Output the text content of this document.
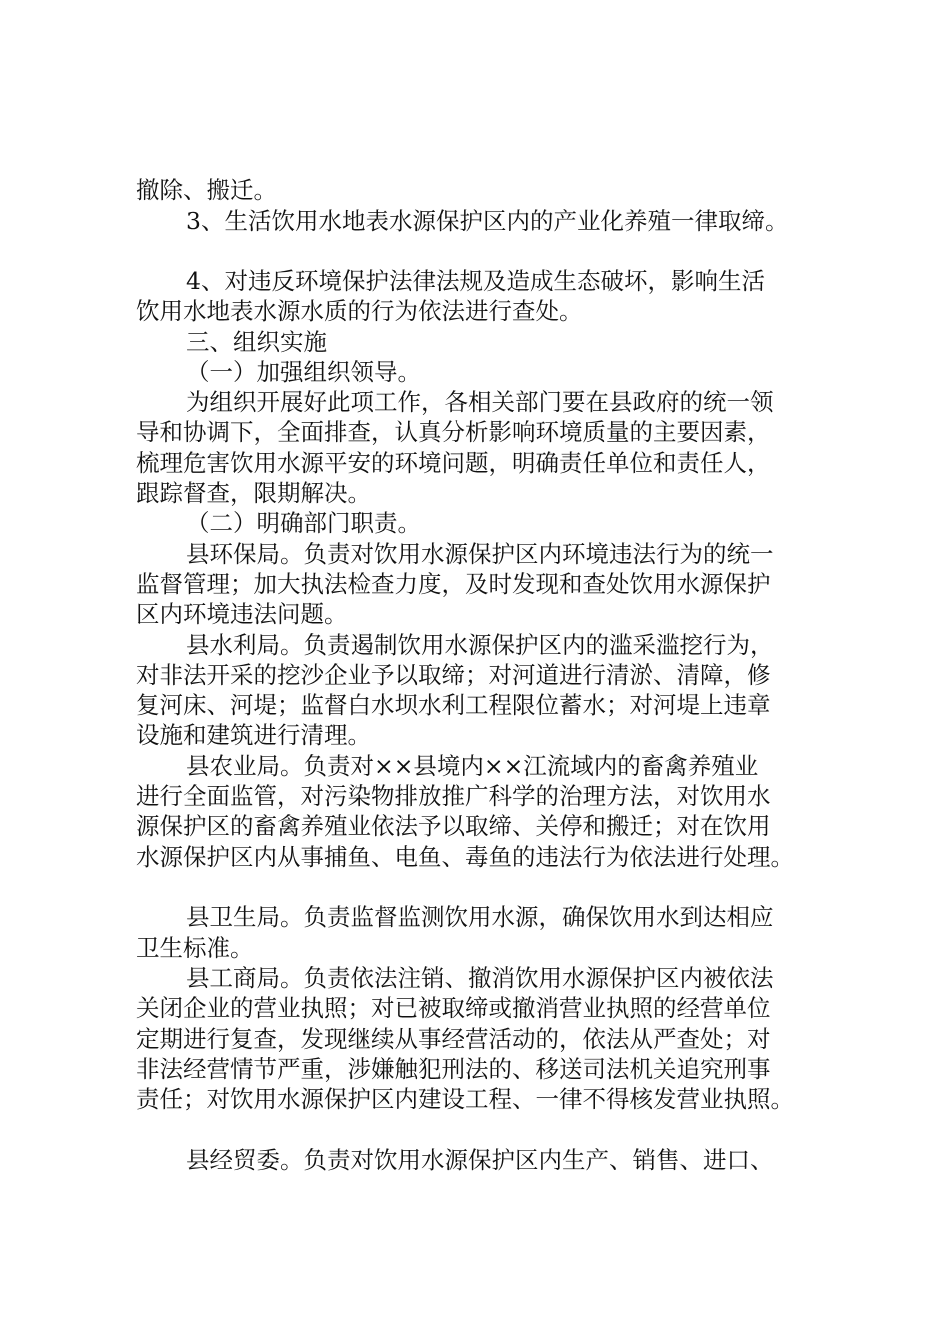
撤除、搬迁。
3、生活饮用水地表水源保护区内的产业化养殖一律取缔。
4、对违反环境保护法律法规及造成生态破坏，影响生活
饮用水地表水源水质的行为依法进行查处。
三、组织实施
（一）加强组织领导。
为组织开展好此项工作，各相关部门要在县政府的统一领
导和协调下，全面排查，认真分析影响环境质量的主要因素，
梳理危害饮用水源平安的环境问题，明确责任单位和责任人，
跟踪督查，限期解决。
（二）明确部门职责。
县环保局。负责对饮用水源保护区内环境违法行为的统一
监督管理；加大执法检查力度，及时发现和查处饮用水源保护
区内环境违法问题。
县水利局。负责遏制饮用水源保护区内的滥采滥挖行为，
对非法开采的挖沙企业予以取缔；对河道进行清淤、清障，修
复河床、河堤；监督白水坝水利工程限位蓄水；对河堤上违章
设施和建筑进行清理。
县农业局。负责对××县境内××江流域内的畜禽养殖业
进行全面监管，对污染物排放推广科学的治理方法，对饮用水
源保护区的畜禽养殖业依法予以取缔、关停和搬迁；对在饮用
水源保护区内从事捕鱼、电鱼、毒鱼的违法行为依法进行处理。
县卫生局。负责监督监测饮用水源，确保饮用水到达相应
卫生标准。
县工商局。负责依法注销、撤消饮用水源保护区内被依法
关闭企业的营业执照；对已被取缔或撤消营业执照的经营单位
定期进行复查，发现继续从事经营活动的，依法从严查处；对
非法经营情节严重，涉嫌触犯刑法的、移送司法机关追究刑事
责任；对饮用水源保护区内建设工程、一律不得核发营业执照。
县经贸委。负责对饮用水源保护区内生产、销售、进口、
